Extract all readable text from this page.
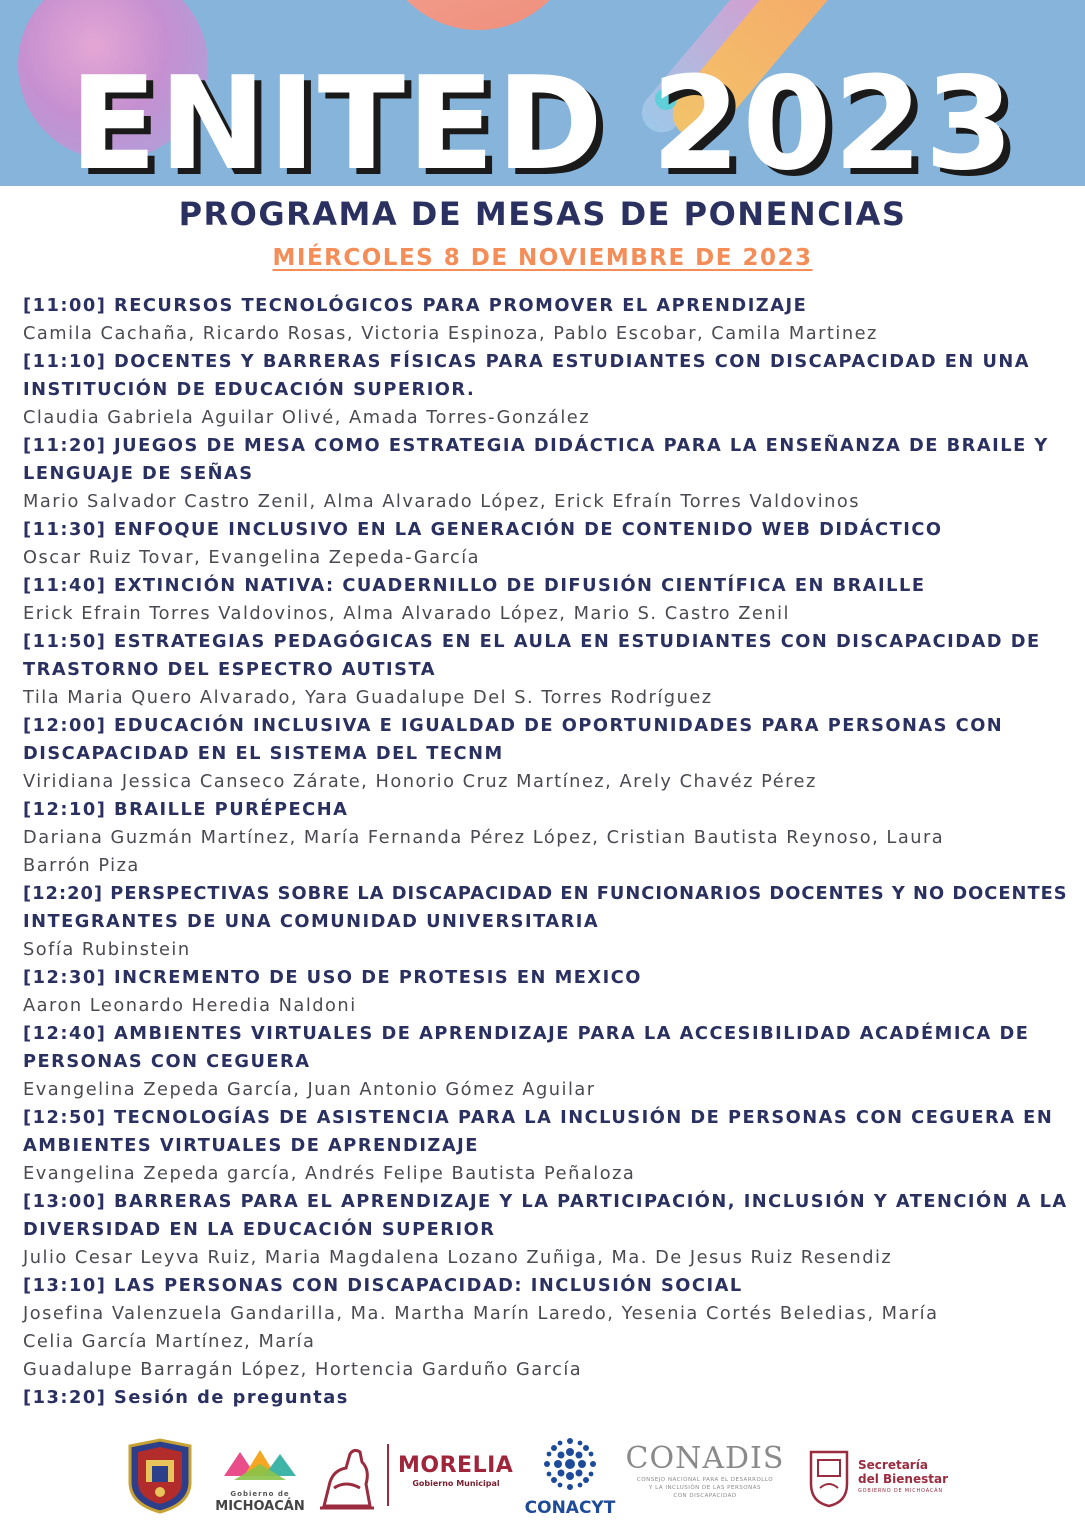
ENITED 2023
PROGRAMA DE MESAS DE PONENCIAS
MIÉRCOLES 8 DE NOVIEMBRE DE 2023
[11:00] RECURSOS TECNOLÓGICOS PARA PROMOVER EL APRENDIZAJE
Camila Cachaña, Ricardo Rosas, Victoria Espinoza, Pablo Escobar, Camila Martinez
[11:10] DOCENTES Y BARRERAS FÍSICAS PARA ESTUDIANTES CON DISCAPACIDAD EN UNA
INSTITUCIÓN DE EDUCACIÓN SUPERIOR.
Claudia Gabriela Aguilar Olivé, Amada Torres-González
[11:20] JUEGOS DE MESA COMO ESTRATEGIA DIDÁCTICA PARA LA ENSEÑANZA DE BRAILE Y
LENGUAJE DE SEÑAS
Mario Salvador Castro Zenil, Alma Alvarado López, Erick Efraín Torres Valdovinos
[11:30] ENFOQUE INCLUSIVO EN LA GENERACIÓN DE CONTENIDO WEB DIDÁCTICO
Oscar Ruiz Tovar, Evangelina Zepeda-García
[11:40] EXTINCIÓN NATIVA: CUADERNILLO DE DIFUSIÓN CIENTÍFICA EN BRAILLE
Erick Efrain Torres Valdovinos, Alma Alvarado López, Mario S. Castro Zenil
[11:50] ESTRATEGIAS PEDAGÓGICAS EN EL AULA EN ESTUDIANTES CON DISCAPACIDAD DE
TRASTORNO DEL ESPECTRO AUTISTA
Tila Maria Quero Alvarado, Yara Guadalupe Del S. Torres Rodríguez
[12:00] EDUCACIÓN INCLUSIVA E IGUALDAD DE OPORTUNIDADES PARA PERSONAS CON
DISCAPACIDAD EN EL SISTEMA DEL TECNM
Viridiana Jessica Canseco Zárate, Honorio Cruz Martínez, Arely Chavéz Pérez
[12:10] BRAILLE PURÉPECHA
Dariana Guzmán Martínez, María Fernanda Pérez López, Cristian Bautista Reynoso, Laura
Barrón Piza
[12:20] PERSPECTIVAS SOBRE LA DISCAPACIDAD EN FUNCIONARIOS DOCENTES Y NO DOCENTES
INTEGRANTES DE UNA COMUNIDAD UNIVERSITARIA
Sofía Rubinstein
[12:30] INCREMENTO DE USO DE PROTESIS EN MEXICO
Aaron Leonardo Heredia Naldoni
[12:40] AMBIENTES VIRTUALES DE APRENDIZAJE PARA LA ACCESIBILIDAD ACADÉMICA DE
PERSONAS CON CEGUERA
Evangelina Zepeda García, Juan Antonio Gómez Aguilar
[12:50] TECNOLOGÍAS DE ASISTENCIA PARA LA INCLUSIÓN DE PERSONAS CON CEGUERA EN
AMBIENTES VIRTUALES DE APRENDIZAJE
Evangelina Zepeda garcía, Andrés Felipe Bautista Peñaloza
[13:00] BARRERAS PARA EL APRENDIZAJE Y LA PARTICIPACIÓN, INCLUSIÓN Y ATENCIÓN A LA
DIVERSIDAD EN LA EDUCACIÓN SUPERIOR
Julio Cesar Leyva Ruiz, Maria Magdalena Lozano Zuñiga, Ma. De Jesus Ruiz Resendiz
[13:10] LAS PERSONAS CON DISCAPACIDAD: INCLUSIÓN SOCIAL
Josefina Valenzuela Gandarilla, Ma. Martha Marín Laredo, Yesenia Cortés Beledias, María
Celia García Martínez, María
Guadalupe Barragán López, Hortencia Garduño García
[13:20] Sesión de preguntas
Gobierno de
MICHOACÁN
MORELIA
Gobierno Municipal
CONACYT
CONADIS
CONSEJO NACIONAL PARA EL DESARROLLO
Y LA INCLUSIÓN DE LAS PERSONAS
CON DISCAPACIDAD
Secretaría
del Bienestar
GOBIERNO DE MICHOACÁN
